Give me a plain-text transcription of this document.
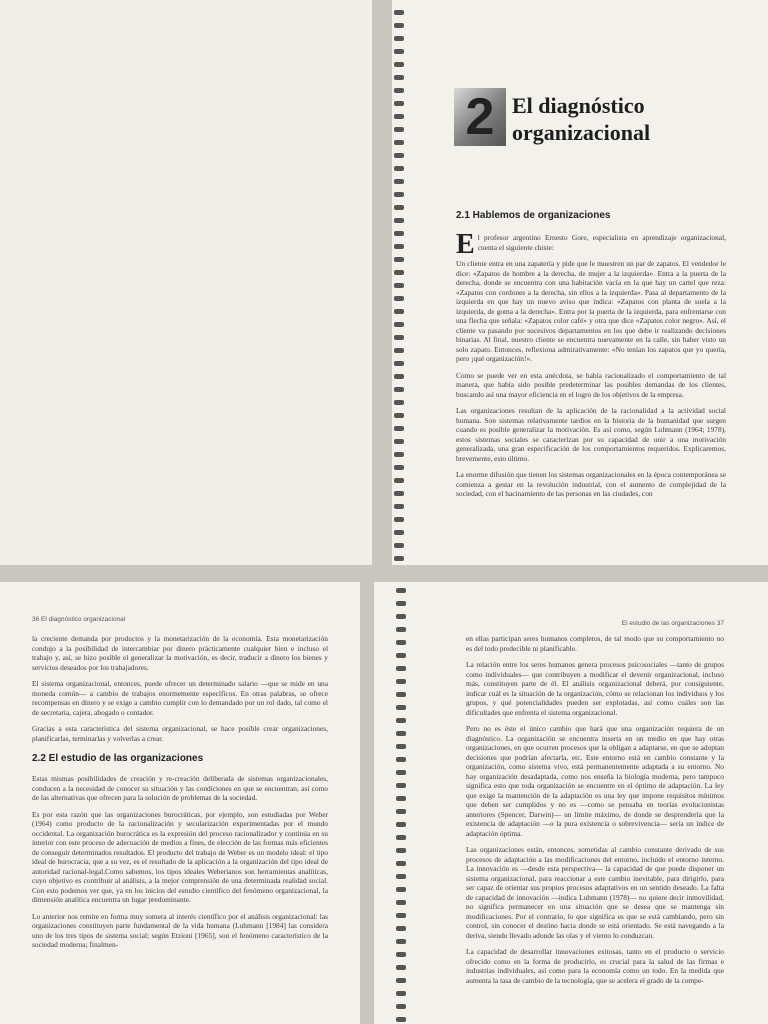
2 El diagnóstico
organizacional
2.1 Hablemos de organizaciones

El profesor argentino Ernesto Gore, especialista en aprendizaje organizacional, cuenta el siguiente chiste:

Un cliente entra en una zapatería y pide que le muestren un par de zapatos. El vendedor le dice: «Zapatos de hombre a la derecha, de mujer a la izquierda». Entra a la puerta de la derecha, donde se encuentra con una habitación vacía en la que hay un cartel que reza: «Zapatos con cordones a la derecha, sin ellos a la izquierda». Pasa al departamento de la izquierda en que hay un nuevo aviso que indica: «Zapatos con planta de suela a la izquierda, de goma a la derecha». Entra por la puerta de la izquierda, para enfrentarse con una flecha que señala: «Zapatos color café» y otra que dice «Zapatos color negro». Así, el cliente va pasando por sucesivos departamentos en los que debe ir realizando decisiones binarias. Al final, nuestro cliente se encuentra nuevamente en la calle, sin haber visto un solo zapato. Entonces, reflexiona admirativamente: «No tenían los zapatos que yo quería, pero ¡qué organización!».

Como se puede ver en esta anécdota, se había racionalizado el comportamiento de tal manera, que había sido posible predeterminar las posibles demandas de los clientes, buscando así una mayor eficiencia en el logro de los objetivos de la empresa.

Las organizaciones resultan de la aplicación de la racionalidad a la actividad social humana. Son sistemas relativamente tardíos en la historia de la humanidad que surgen cuando es posible generalizar la motivación. Es así como, según Luhmann (1964; 1978), estos sistemas sociales se caracterizan por su capacidad de unir a una motivación generalizada, una gran especificación de los comportamientos requeridos. Explicaremos, brevemente, esto último.

La enorme difusión que tienen los sistemas organizacionales en la época contemporánea se comienza a gestar en la revolución industrial, con el aumento de complejidad de la sociedad, con el hacinamiento de las personas en las ciudades, con

36 El diagnóstico organizacional

la creciente demanda por productos y la monetarización de la economía. Esta monetarización condujo a la posibilidad de intercambiar por dinero prácticamente cualquier bien e incluso el trabajo y, así, se hizo posible el generalizar la motivación, es decir, traducir a dinero los bienes y servicios deseados por los trabajadores.

El sistema organizacional, entonces, puede ofrecer un determinado salario —que se mide en una moneda común— a cambio de trabajos enormemente específicos. En otras palabras, se ofrece recompensas en dinero y se exige a cambio cumplir con lo demandado por un rol dado, tal como el de secretaria, cajera, abogado o contador.

Gracias a esta característica del sistema organizacional, se hace posible crear organizaciones, planificarlas, terminarlas y volverlas a crear.

2.2 El estudio de las organizaciones

Estas mismas posibilidades de creación y re-creación deliberada de sistemas organizacionales, conducen a la necesidad de conocer su situación y las condiciones en que se encuentran, así como de las alternativas que ofrecen para la solución de problemas de la sociedad.

Es por esta razón que las organizaciones burocráticas, por ejemplo, son estudiadas por Weber (1964) como producto de la racionalización y secularización experimentadas por el mundo occidental. La organización burocrática es la expresión del proceso racionalizador y continúa en su interior con este proceso de adecuación de medios a fines, de elección de las formas más eficientes de conseguir determinados resultados. El producto del trabajo de Weber es un modelo ideal: el tipo ideal de burocracia, que a su vez, es el resultado de la aplicación a la organización del tipo ideal de autoridad racional-legal.Como sabemos, los tipos ideales Weberianos son herramientas analíticas, cuyo objetivo es contribuir al análisis, a la mejor comprensión de una determinada realidad social. Con esto podemos ver que, ya en los inicios del estudio científico del fenómeno organizacional, la dimensión analítica encuentra un lugar predominante.

Lo anterior nos remite en forma muy somera al interés científico por el análisis organizacional: las organizaciones constituyen parte fundamental de la vida humana (Luhmann [1984] las considera uno de los tres tipos de sistema social; según Etzioni [1965], son el fenómeno característico de la sociedad moderna; finalmen-

El estudio de las organizaciones 37

en ellas participan seres humanos completos, de tal modo que su comportamiento no es del todo predecible ni planificable.

La relación entre los seres humanos genera procesos psicosociales —tanto de grupos como individuales— que contribuyen a modificar el devenir organizacional, incluso más, constituyen parte de él. El análisis organizacional deberá, por consiguiente, indicar cuál es la situación de la organización, cómo se relacionan los individuos y los grupos, y qué potencialidades pueden ser explotadas, así como cuáles son las dificultades que enfrenta el sistema organizacional.

Pero no es éste el único cambio que hará que una organización requiera de un diagnóstico. La organización se encuentra inserta en un medio en que hay otras organizaciones, en que ocurren procesos que la obligan a adaptarse, en que se adoptan decisiones que podrían afectarla, etc. Este entorno está en cambio constante y la organización, como sistema vivo, está permanentemente adaptada a su entorno. No hay organización desadaptada, como nos enseña la biología moderna, pero tampoco significa esto que toda organización se encuentre en el óptimo de adaptación. La ley que exige la mantención de la adaptación es una ley que impone requisitos mínimos que deben ser cumplidos y no es —como se pensaba en teorías evolucionistas anteriores (Spencer, Darwin)— un límite máximo, de donde se desprendería que la existencia de adaptación —o la pura existencia o sobrevivencia— sería un índice de adaptación óptima.

Las organizaciones están, entonces, sometidas al cambio constante derivado de sus procesos de adaptación a las modificaciones del entorno, incluido el entorno interno. La innovación es —desde esta perspectiva— la capacidad de que puede disponer un sistema organizacional, para reaccionar a este cambio inevitable, para dirigirlo, para ser capaz de orientar sus propios procesos adaptativos en un sentido deseado. La falta de capacidad de innovación —indica Luhmann (1978)— no quiere decir inmovilidad, no significa permanecer en una situación que se desea que se mantenga sin modificaciones. Por el contrario, lo que significa es que se está cambiando, pero sin control, sin conocer el destino hacia donde se está orientado. Se está navegando a la deriva, siendo llevado adonde las olas y el viento lo conduzcan.

La capacidad de desarrollar innovaciones exitosas, tanto en el producto o servicio ofrecido como en la forma de producirlo, es crucial para la salud de las firmas e industrias individuales, así como para la economía como un todo. En la medida que aumenta la tasa de cambio de la tecnología, que se acelera el grado de la compe-
